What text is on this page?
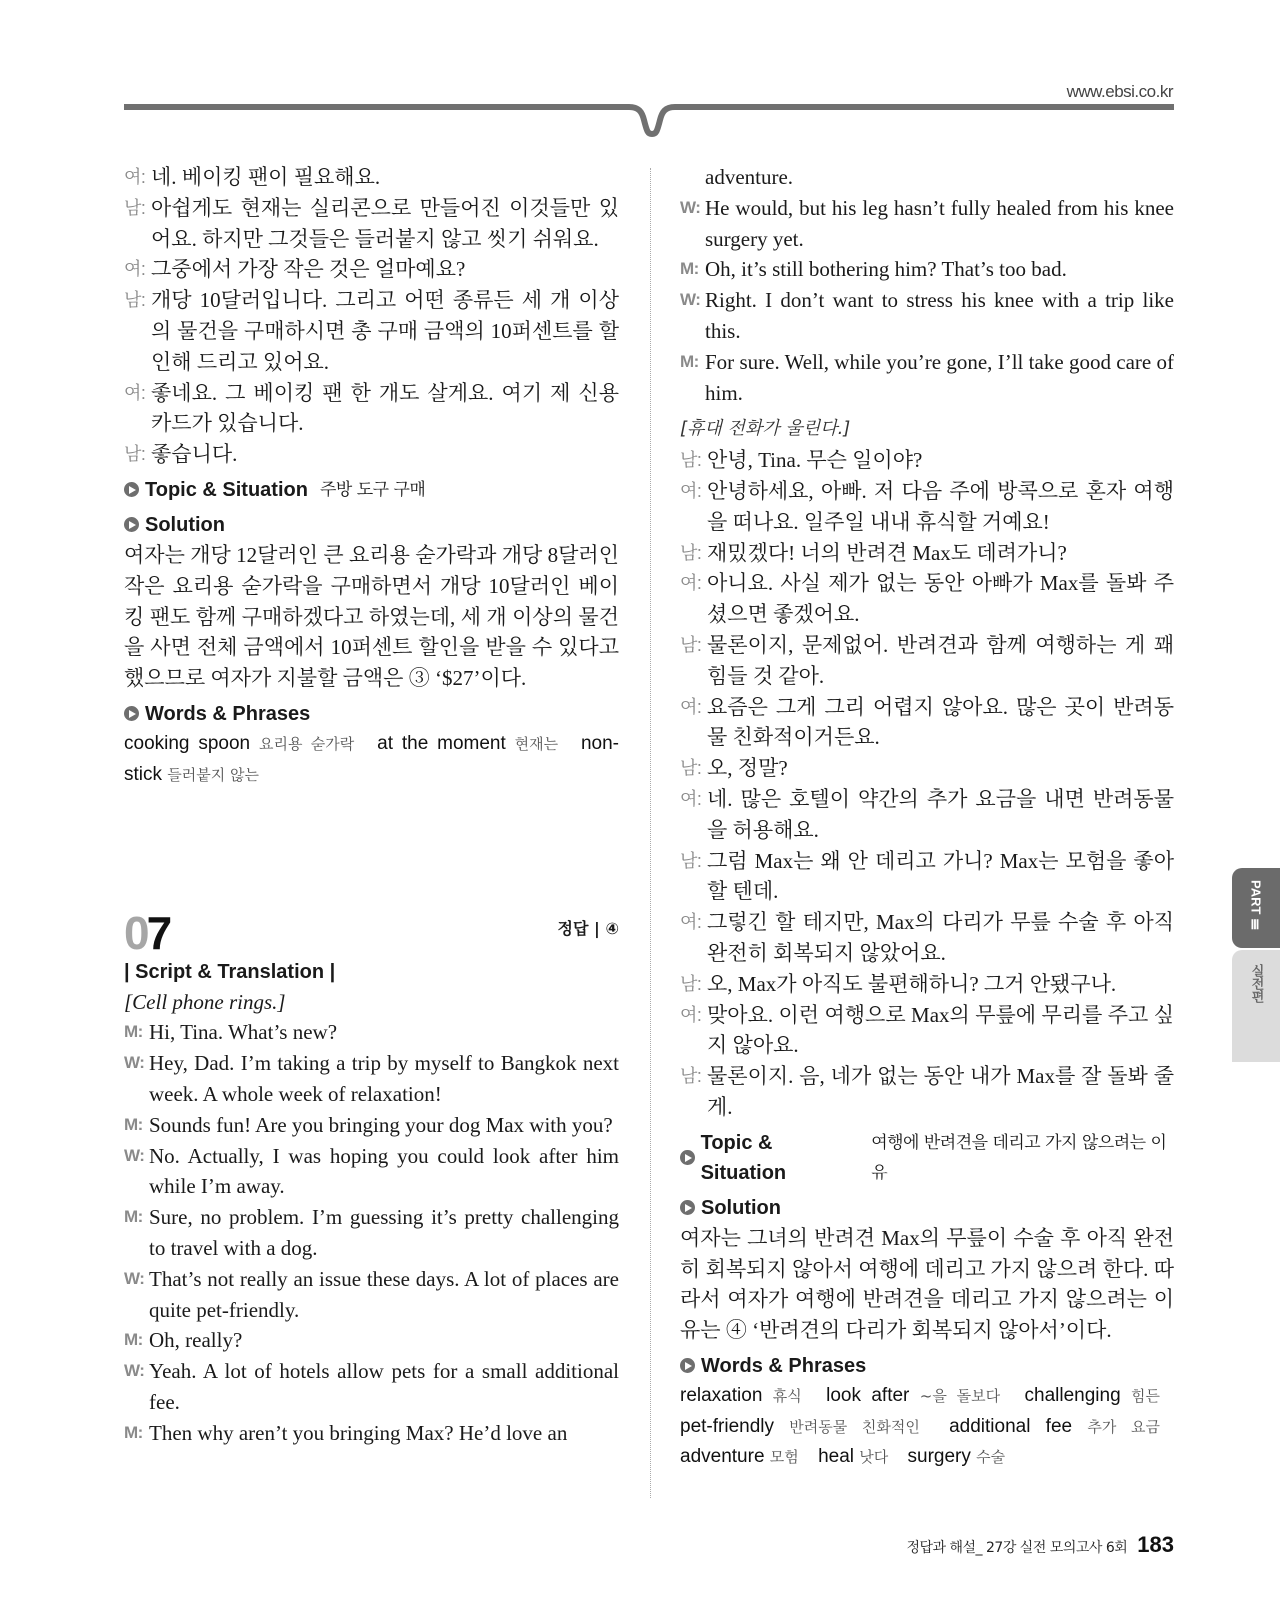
www.ebsi.co.kr
여: 네. 베이킹 팬이 필요해요.
남: 아쉽게도 현재는 실리콘으로 만들어진 이것들만 있어요. 하지만 그것들은 들러붙지 않고 씻기 쉬워요.
여: 그중에서 가장 작은 것은 얼마예요?
남: 개당 10달러입니다. 그리고 어떤 종류든 세 개 이상의 물건을 구매하시면 총 구매 금액의 10퍼센트를 할인해 드리고 있어요.
여: 좋네요. 그 베이킹 팬 한 개도 살게요. 여기 제 신용 카드가 있습니다.
남: 좋습니다.
Topic & Situation 주방 도구 구매
Solution
여자는 개당 12달러인 큰 요리용 숟가락과 개당 8달러인 작은 요리용 숟가락을 구매하면서 개당 10달러인 베이킹 팬도 함께 구매하겠다고 하였는데, 세 개 이상의 물건을 사면 전체 금액에서 10퍼센트 할인을 받을 수 있다고 했으므로 여자가 지불할 금액은 ③ ‘$27’이다.
Words & Phrases
cooking spoon 요리용 숟가락 at the moment 현재는 non-stick 들러붙지 않는
07	정답 | ④
| Script & Translation |
[Cell phone rings.]
M: Hi, Tina. What’s new?
W: Hey, Dad. I’m taking a trip by myself to Bangkok next week. A whole week of relaxation!
M: Sounds fun! Are you bringing your dog Max with you?
W: No. Actually, I was hoping you could look after him while I’m away.
M: Sure, no problem. I’m guessing it’s pretty challenging to travel with a dog.
W: That’s not really an issue these days. A lot of places are quite pet-friendly.
M: Oh, really?
W: Yeah. A lot of hotels allow pets for a small additional fee.
M: Then why aren’t you bringing Max? He’d love an
adventure.
W: He would, but his leg hasn’t fully healed from his knee surgery yet.
M: Oh, it’s still bothering him? That’s too bad.
W: Right. I don’t want to stress his knee with a trip like this.
M: For sure. Well, while you’re gone, I’ll take good care of him.
[휴대 전화가 울린다.]
남: 안녕, Tina. 무슨 일이야?
여: 안녕하세요, 아빠. 저 다음 주에 방콕으로 혼자 여행을 떠나요. 일주일 내내 휴식할 거예요!
남: 재밌겠다! 너의 반려견 Max도 데려가니?
여: 아니요. 사실 제가 없는 동안 아빠가 Max를 돌봐 주셨으면 좋겠어요.
남: 물론이지, 문제없어. 반려견과 함께 여행하는 게 꽤 힘들 것 같아.
여: 요즘은 그게 그리 어렵지 않아요. 많은 곳이 반려동물 친화적이거든요.
남: 오, 정말?
여: 네. 많은 호텔이 약간의 추가 요금을 내면 반려동물을 허용해요.
남: 그럼 Max는 왜 안 데리고 가니? Max는 모험을 좋아할 텐데.
여: 그렇긴 할 테지만, Max의 다리가 무릎 수술 후 아직 완전히 회복되지 않았어요.
남: 오, Max가 아직도 불편해하니? 그거 안됐구나.
여: 맞아요. 이런 여행으로 Max의 무릎에 무리를 주고 싶지 않아요.
남: 물론이지. 음, 네가 없는 동안 내가 Max를 잘 돌봐 줄게.
Topic & Situation
여행에 반려견을 데리고 가지 않으려는 이유
Solution
여자는 그녀의 반려견 Max의 무릎이 수술 후 아직 완전히 회복되지 않아서 여행에 데리고 가지 않으려 한다. 따라서 여자가 여행에 반려견을 데리고 가지 않으려는 이유는 ④ ‘반려견의 다리가 회복되지 않아서’이다.
Words & Phrases
relaxation 휴식 look after ~을 돌보다 challenging 힘든 pet-friendly 반려동물 친화적인 additional fee 추가 요금 adventure 모험 heal 낫다 surgery 수술
PART Ⅲ
실전편
정답과 해설_ 27강 실전 모의고사 6회 183
